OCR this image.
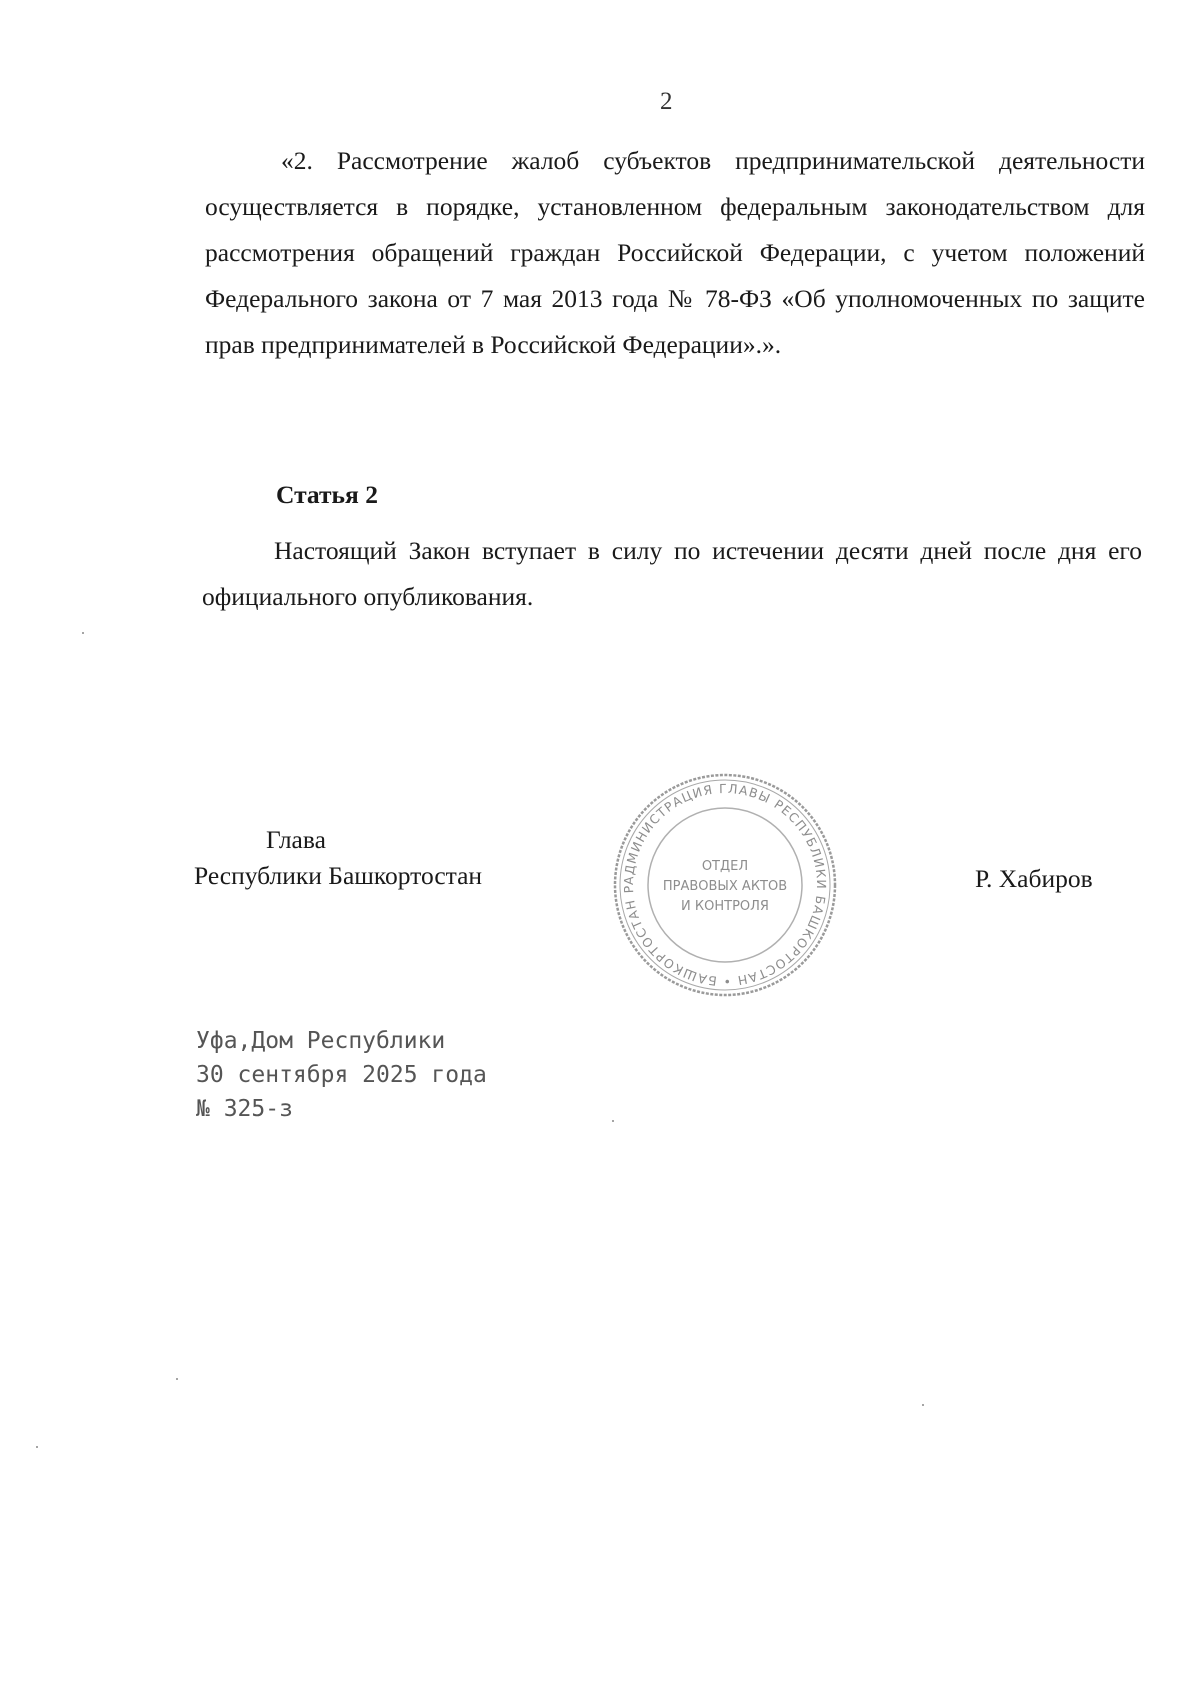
2

«2. Рассмотрение жалоб субъектов предпринимательской деятельности осуществляется в порядке, установленном федеральным законодательством для рассмотрения обращений граждан Российской Федерации, с учетом положений Федерального закона от 7 мая 2013 года № 78-ФЗ «Об уполномоченных по защите прав предпринимателей в Российской Федерации».».

Статья 2

Настоящий Закон вступает в силу по истечении десяти дней после дня его официального опубликования.

Глава
Республики Башкортостан	АДМИНИСТРАЦИЯ ГЛАВЫ РЕСПУБЛИКИ БАШКОРТОСТАН • БАШКОРТОСТАН Р
ОТДЕЛ
ПРАВОВЫХ АКТОВ
И КОНТРОЛЯ
Р. Хабиров
Уфа,Дом Республики
30 сентября 2025 года
№ 325-з
